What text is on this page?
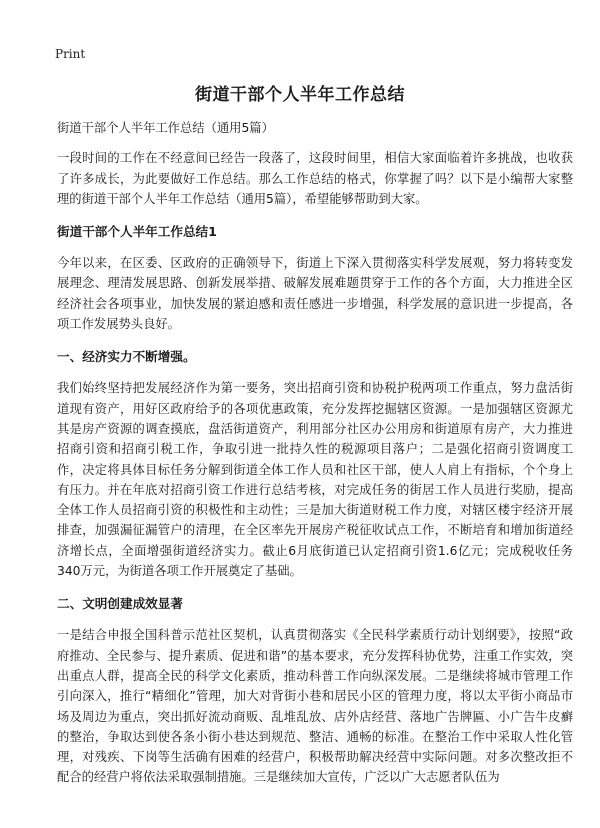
Print
街道干部个人半年工作总结

街道干部个人半年工作总结（通用5篇）

一段时间的工作在不经意间已经告一段落了，这段时间里，相信大家面临着许多挑战，也收获了许多成长，为此要做好工作总结。那么工作总结的格式，你掌握了吗？以下是小编帮大家整理的街道干部个人半年工作总结（通用5篇），希望能够帮助到大家。

街道干部个人半年工作总结1

今年以来，在区委、区政府的正确领导下，街道上下深入贯彻落实科学发展观，努力将转变发展理念、理清发展思路、创新发展举措、破解发展难题贯穿于工作的各个方面，大力推进全区经济社会各项事业，加快发展的紧迫感和责任感进一步增强，科学发展的意识进一步提高，各项工作发展势头良好。

一、经济实力不断增强。

我们始终坚持把发展经济作为第一要务，突出招商引资和协税护税两项工作重点，努力盘活街道现有资产，用好区政府给予的各项优惠政策，充分发挥挖掘辖区资源。一是加强辖区资源尤其是房产资源的调查摸底，盘活街道资产，利用部分社区办公用房和街道原有房产，大力推进招商引资和招商引税工作，争取引进一批持久性的税源项目落户；二是强化招商引资调度工作，决定将具体目标任务分解到街道全体工作人员和社区干部，使人人肩上有指标，个个身上有压力。并在年底对招商引资工作进行总结考核，对完成任务的街居工作人员进行奖励，提高全体工作人员招商引资的积极性和主动性；三是加大街道财税工作力度，对辖区楼宇经济开展排查，加强漏征漏管户的清理，在全区率先开展房产税征收试点工作，不断培育和增加街道经济增长点，全面增强街道经济实力。截止6月底街道已认定招商引资1.6亿元；完成税收任务340万元，为街道各项工作开展奠定了基础。

二、文明创建成效显著

一是结合申报全国科普示范社区契机，认真贯彻落实《全民科学素质行动计划纲要》，按照“政府推动、全民参与、提升素质、促进和谐”的基本要求，充分发挥科协优势，注重工作实效，突出重点人群，提高全民的科学文化素质，推动科普工作向纵深发展。二是继续将城市管理工作引向深入，推行“精细化”管理，加大对背街小巷和居民小区的管理力度，将以太平街小商品市场及周边为重点，突出抓好流动商贩、乱堆乱放、店外店经营、落地广告牌匾、小广告牛皮癣的整治，争取达到使各条小街小巷达到规范、整洁、通畅的标准。在整治工作中采取人性化管理，对残疾、下岗等生活确有困难的经营户，积极帮助解决经营中实际问题。对多次整改拒不配合的经营户将依法采取强制措施。三是继续加大宣传，广泛以广大志愿者队伍为
